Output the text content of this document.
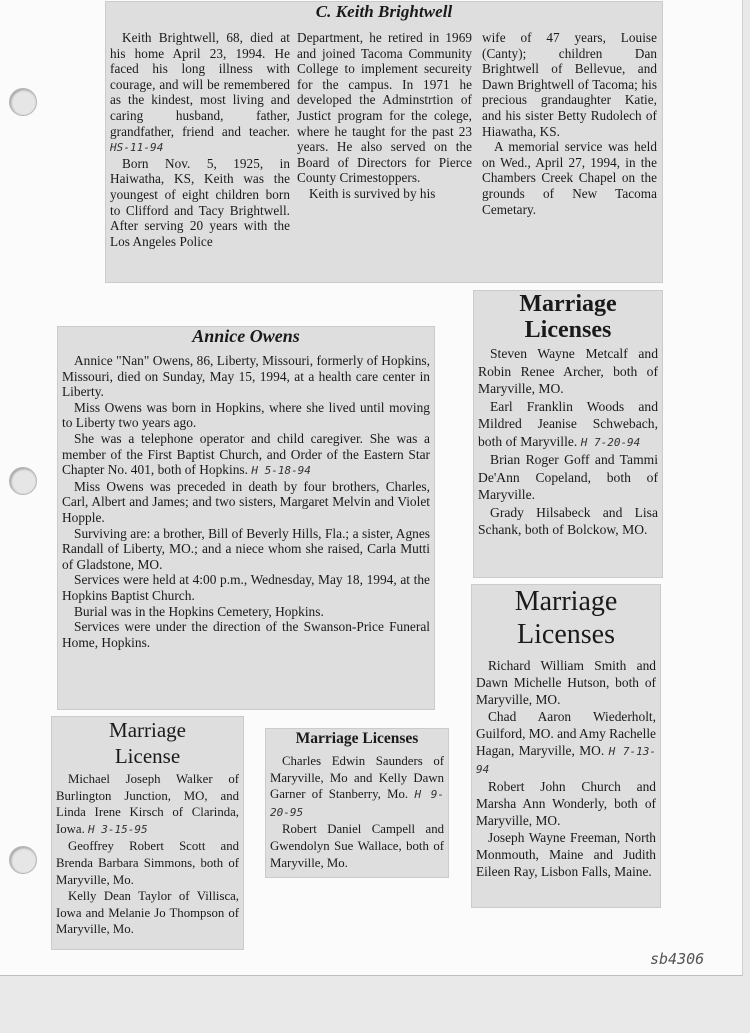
C. Keith Brightwell

Keith Brightwell, 68, died at his home April 23, 1994. He faced his long illness with courage, and will be remembered as the kindest, most living and caring husband, father, grandfather, friend and teacher. HS-11-94

Born Nov. 5, 1925, in Haiwatha, KS, Keith was the youngest of eight children born to Clifford and Tacy Brightwell. After serving 20 years with the Los Angeles Police

Department, he retired in 1969 and joined Tacoma Community College to implement secureity for the campus. In 1971 he developed the Adminstrtion of Justict program for the colege, where he taught for the past 23 years. He also served on the Board of Directors for Pierce County Crimestoppers.

Keith is survived by his

wife of 47 years, Louise (Canty); children Dan Brightwell of Bellevue, and Dawn Brightwell of Tacoma; his precious grandaughter Katie, and his sister Betty Rudolech of Hiawatha, KS.

A memorial service was held on Wed., April 27, 1994, in the Chambers Creek Chapel on the grounds of New Tacoma Cemetary.

Annice Owens

Annice "Nan" Owens, 86, Liberty, Missouri, formerly of Hopkins, Missouri, died on Sunday, May 15, 1994, at a health care center in Liberty.

Miss Owens was born in Hopkins, where she lived until moving to Liberty two years ago.

She was a telephone operator and child caregiver. She was a member of the First Baptist Church, and Order of the Eastern Star Chapter No. 401, both of Hopkins. H 5-18-94

Miss Owens was preceded in death by four brothers, Charles, Carl, Albert and James; and two sisters, Margaret Melvin and Violet Hopple.

Surviving are: a brother, Bill of Beverly Hills, Fla.; a sister, Agnes Randall of Liberty, MO.; and a niece whom she raised, Carla Mutti of Gladstone, MO.

Services were held at 4:00 p.m., Wednesday, May 18, 1994, at the Hopkins Baptist Church.

Burial was in the Hopkins Cemetery, Hopkins.

Services were under the direction of the Swanson-Price Funeral Home, Hopkins.

Marriage
Licenses

Steven Wayne Metcalf and Robin Renee Archer, both of Maryville, MO.

Earl Franklin Woods and Mildred Jeanise Schwebach, both of Maryville. H 7-20-94

Brian Roger Goff and Tammi De'Ann Copeland, both of Maryville.

Grady Hilsabeck and Lisa Schank, both of Bolckow, MO.

Marriage
Licenses

Richard William Smith and Dawn Michelle Hutson, both of Maryville, MO.

Chad Aaron Wiederholt, Guilford, MO. and Amy Rachelle Hagan, Maryville, MO. H 7-13-94

Robert John Church and Marsha Ann Wonderly, both of Maryville, MO.

Joseph Wayne Freeman, North Monmouth, Maine and Judith Eileen Ray, Lisbon Falls, Maine.

Marriage
License

Michael Joseph Walker of Burlington Junction, MO, and Linda Irene Kirsch of Clarinda, Iowa. H 3-15-95

Geoffrey Robert Scott and Brenda Barbara Simmons, both of Maryville, Mo.

Kelly Dean Taylor of Villisca, Iowa and Melanie Jo Thompson of Maryville, Mo.

Marriage Licenses

Charles Edwin Saunders of Maryville, Mo and Kelly Dawn Garner of Stanberry, Mo. H 9-20-95

Robert Daniel Campell and Gwendolyn Sue Wallace, both of Maryville, Mo.

sb4306
